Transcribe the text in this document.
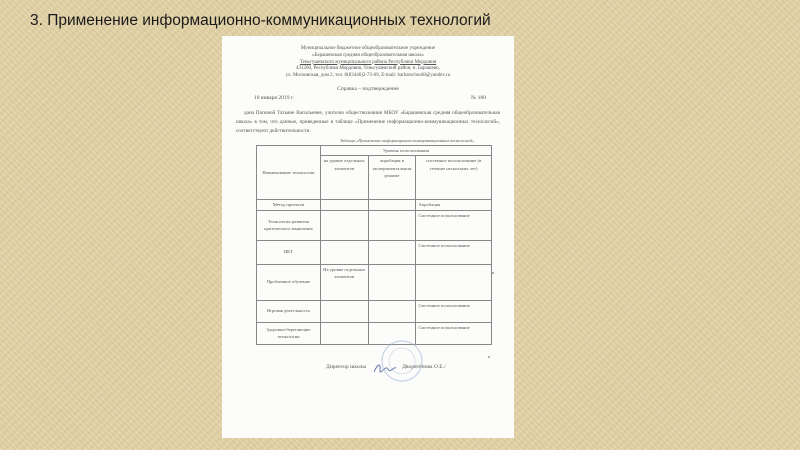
3. Применение информационно-коммуникационных технологий
Муниципальное бюджетное общеобразовательное учреждение
«Барашевская средняя общеобразовательная школа»
Теньгушевского муниципального района Республики Мордовия
431200, Республика Мордовия, Теньгушевский район, п. Барашево,
ул. Московская, дом 2, тел. 8(83446)2-73-69, E-mail: barbarschool8@yandex.ru
Справка – подтверждение
10 января 2019 г.	№ 180
дана Поповой Татьяне Васильевне, учителю обществознания МБОУ «Барашевская средняя общеобразовательная школа» в том, что данные, приведенные в таблице «Применение информационно-коммуникационных технологий», соответствуют действительности.
Таблица «Применение информационно-коммуникационных технологий»
Наименование технологии	Уровень использования		
	на уровне отдельных элементов	апробация в экспериментальном режиме	системное использование (в течение нескольких лет)
Метод проектов			Апробация
Технология развития критического мышления			Системное использование
ИКТ			Системное использование
Проблемное обучение	На уровне отдельных элементов		
Игровая деятельность			Системное использование
Здоровьесберегающие технологии			Системное использование
Директор школы	Дворятёнова О.Е./
